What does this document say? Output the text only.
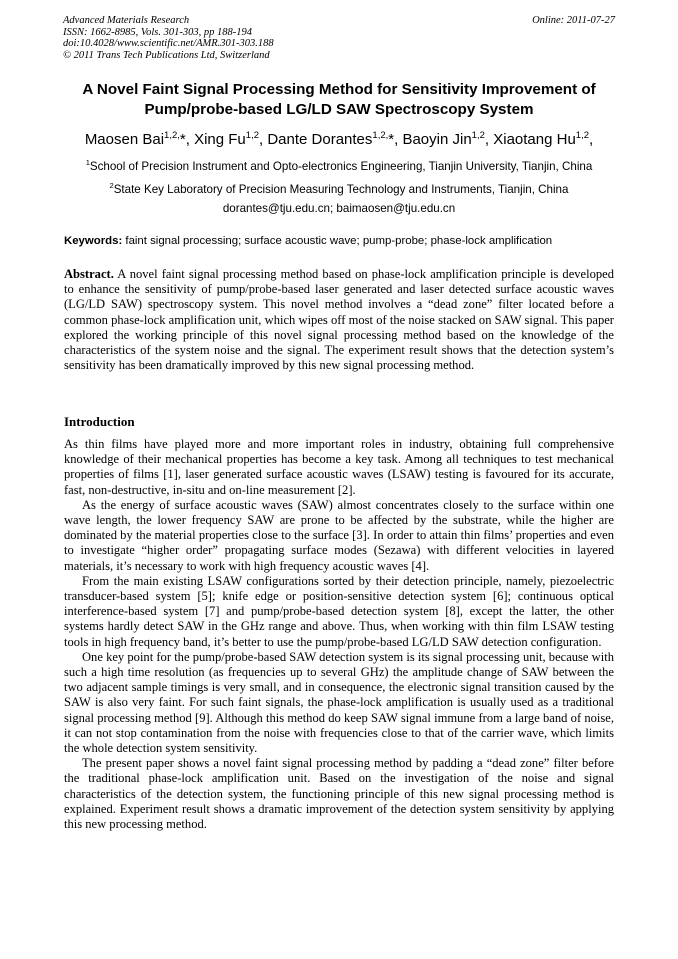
Advanced Materials Research
ISSN: 1662-8985, Vols. 301-303, pp 188-194
doi:10.4028/www.scientific.net/AMR.301-303.188
© 2011 Trans Tech Publications Ltd, Switzerland
Online: 2011-07-27
A Novel Faint Signal Processing Method for Sensitivity Improvement of Pump/probe-based LG/LD SAW Spectroscopy System
Maosen Bai$^{1,2,}$*, Xing Fu$^{1,2}$, Dante Dorantes$^{1,2,}$*, Baoyin Jin$^{1,2}$, Xiaotang Hu$^{1,2}$,
$^1$School of Precision Instrument and Opto-electronics Engineering, Tianjin University, Tianjin, China
$^2$State Key Laboratory of Precision Measuring Technology and Instruments, Tianjin, China
dorantes@tju.edu.cn; baimaosen@tju.edu.cn
Keywords: faint signal processing; surface acoustic wave; pump-probe; phase-lock amplification
Abstract. A novel faint signal processing method based on phase-lock amplification principle is developed to enhance the sensitivity of pump/probe-based laser generated and laser detected surface acoustic waves (LG/LD SAW) spectroscopy system. This novel method involves a “dead zone” filter located before a common phase-lock amplification unit, which wipes off most of the noise stacked on SAW signal. This paper explored the working principle of this novel signal processing method based on the knowledge of the characteristics of the system noise and the signal. The experiment result shows that the detection system’s sensitivity has been dramatically improved by this new signal processing method.
Introduction

As thin films have played more and more important roles in industry, obtaining full comprehensive knowledge of their mechanical properties has become a key task. Among all techniques to test mechanical properties of films [1], laser generated surface acoustic waves (LSAW) testing is favoured for its accurate, fast, non-destructive, in-situ and on-line measurement [2].

As the energy of surface acoustic waves (SAW) almost concentrates closely to the surface within one wave length, the lower frequency SAW are prone to be affected by the substrate, while the higher are dominated by the material properties close to the surface [3]. In order to attain thin films’ properties and even to investigate “higher order” propagating surface modes (Sezawa) with different velocities in layered materials, it’s necessary to work with high frequency acoustic waves [4].

From the main existing LSAW configurations sorted by their detection principle, namely, piezoelectric transducer-based system [5]; knife edge or position-sensitive detection system [6]; continuous optical interference-based system [7] and pump/probe-based detection system [8], except the latter, the other systems hardly detect SAW in the GHz range and above. Thus, when working with thin film LSAW testing tools in high frequency band, it’s better to use the pump/probe-based LG/LD SAW detection configuration.

One key point for the pump/probe-based SAW detection system is its signal processing unit, because with such a high time resolution (as frequencies up to several GHz) the amplitude change of SAW between the two adjacent sample timings is very small, and in consequence, the electronic signal transition caused by the SAW is also very faint. For such faint signals, the phase-lock amplification is usually used as a traditional signal processing method [9]. Although this method do keep SAW signal immune from a large band of noise, it can not stop contamination from the noise with frequencies close to that of the carrier wave, which limits the whole detection system sensitivity.

The present paper shows a novel faint signal processing method by padding a “dead zone” filter before the traditional phase-lock amplification unit. Based on the investigation of the noise and signal characteristics of the detection system, the functioning principle of this new signal processing method is explained. Experiment result shows a dramatic improvement of the detection system sensitivity by applying this new processing method.
